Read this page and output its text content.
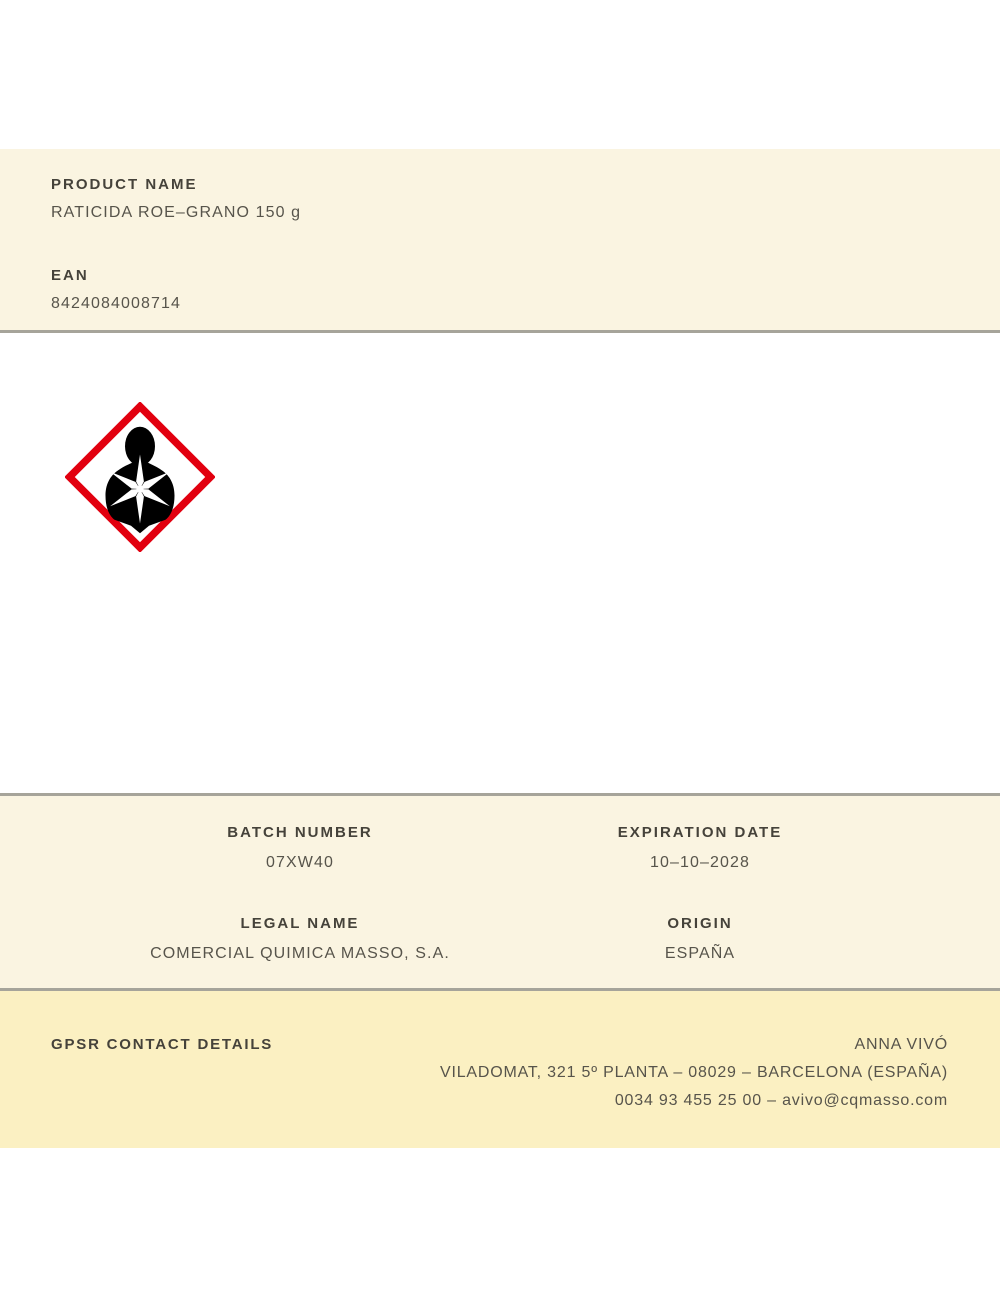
PRODUCT NAME
RATICIDA ROE–GRANO 150 g
EAN
8424084008714
BATCH NUMBER
07XW40
EXPIRATION DATE
10–10–2028
LEGAL NAME
COMERCIAL QUIMICA MASSO, S.A.
ORIGIN
ESPAÑA
GPSR CONTACT DETAILS	ANNA VIVÓ
VILADOMAT, 321 5º PLANTA – 08029 – BARCELONA (ESPAÑA)
0034 93 455 25 00 – avivo@cqmasso.com
